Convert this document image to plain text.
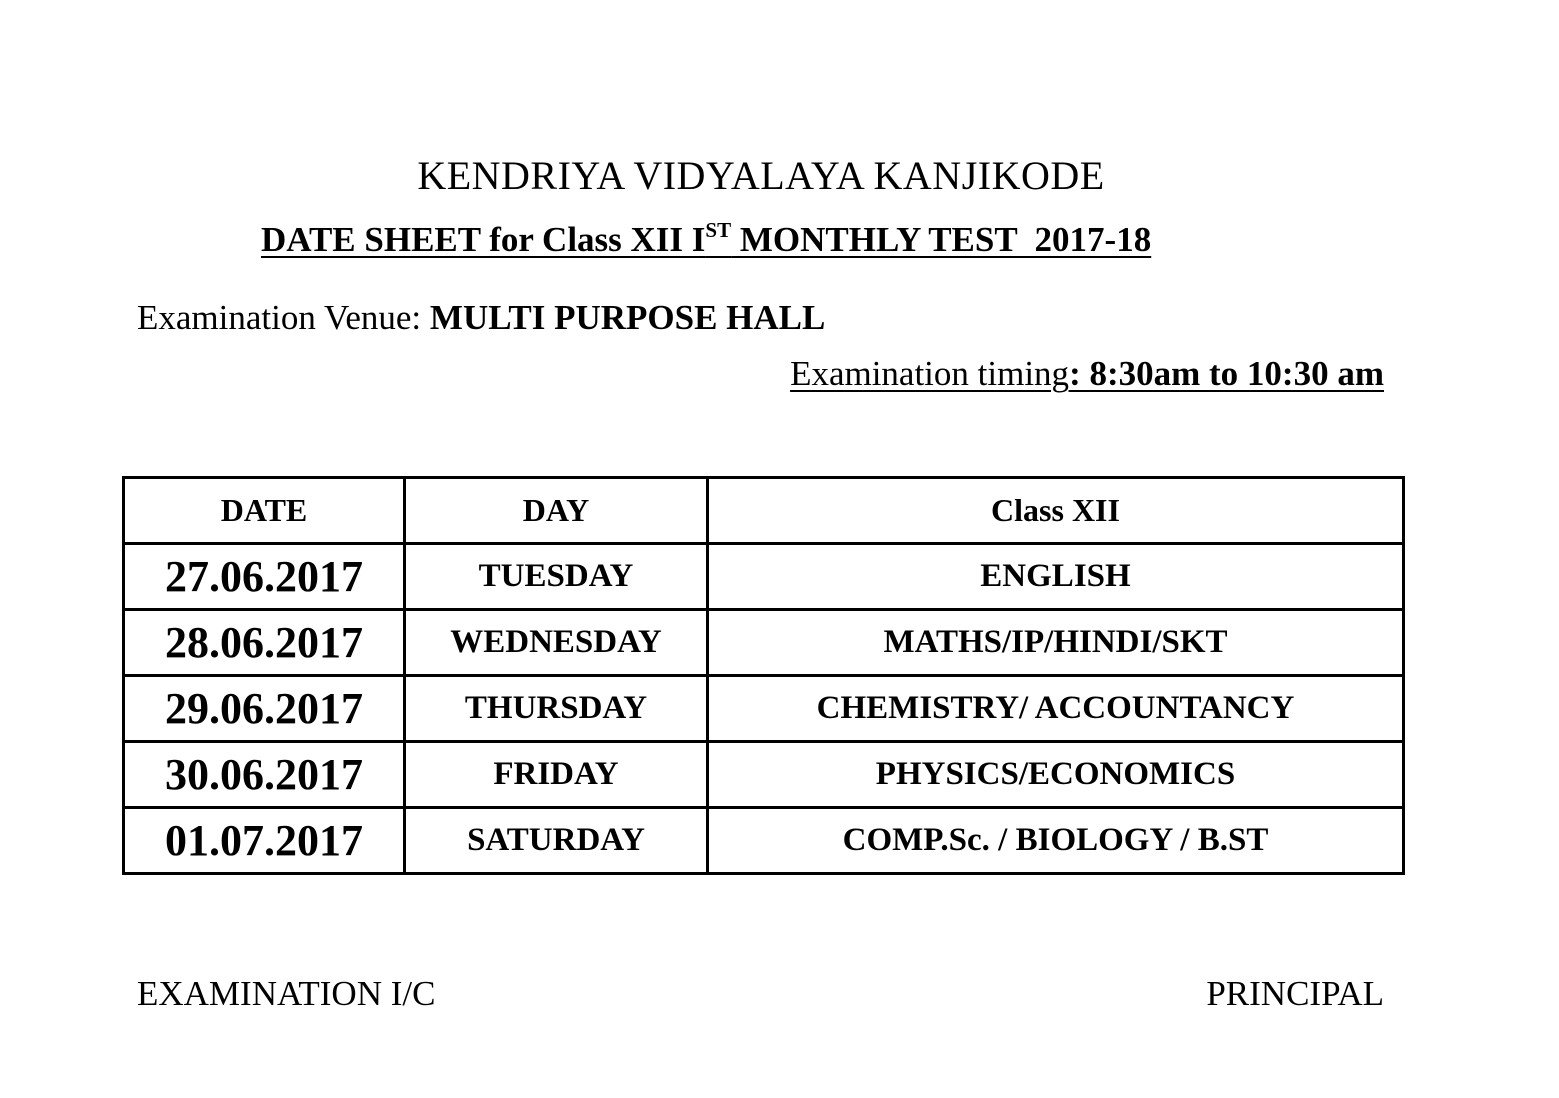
KENDRIYA VIDYALAYA KANJIKODE
DATE SHEET for Class XII IST MONTHLY TEST  2017-18
Examination Venue: MULTI PURPOSE HALL
Examination timing: 8:30am to 10:30 am
DATE	DAY	Class XII
27.06.2017	TUESDAY	ENGLISH
28.06.2017	WEDNESDAY	MATHS/IP/HINDI/SKT
29.06.2017	THURSDAY	CHEMISTRY/ ACCOUNTANCY
30.06.2017	FRIDAY	PHYSICS/ECONOMICS
01.07.2017	SATURDAY	COMP.Sc. / BIOLOGY / B.ST
EXAMINATION I/C	PRINCIPAL
